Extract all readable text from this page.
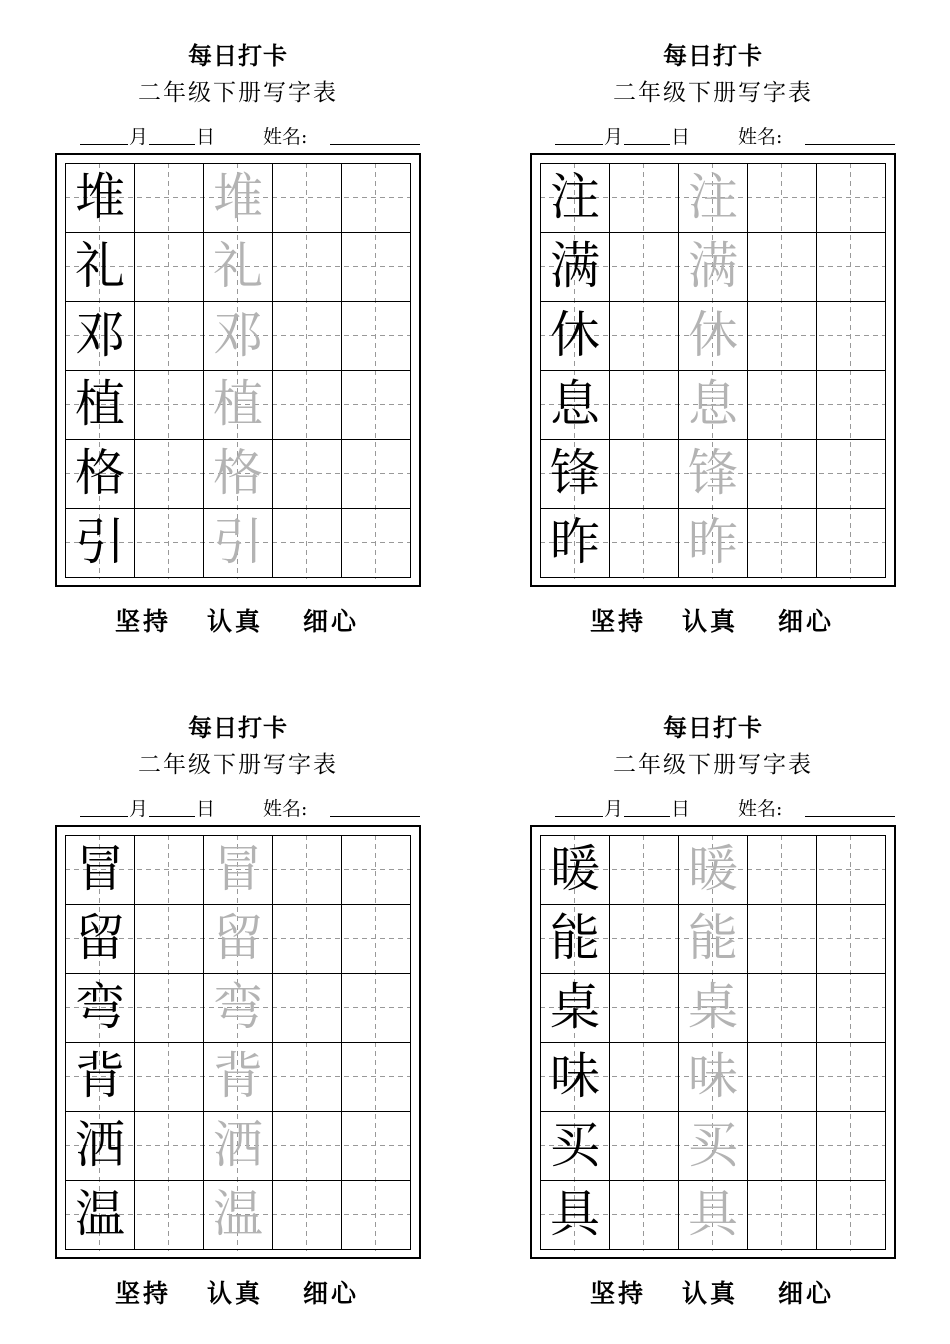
每日打卡
二年级下册写字表
月	日	姓名:
堆 堆
礼 礼
邓 邓
植 植
格 格
引 引
坚持 认真 细心
每日打卡
二年级下册写字表
月	日	姓名:
注 注
满 满
休 休
息 息
锋 锋
昨 昨
坚持 认真 细心
每日打卡
二年级下册写字表
月	日	姓名:
冒 冒
留 留
弯 弯
背 背
洒 洒
温 温
坚持 认真 细心
每日打卡
二年级下册写字表
月	日	姓名:
暖 暖
能 能
桌 桌
味 味
买 买
具 具
坚持 认真 细心
